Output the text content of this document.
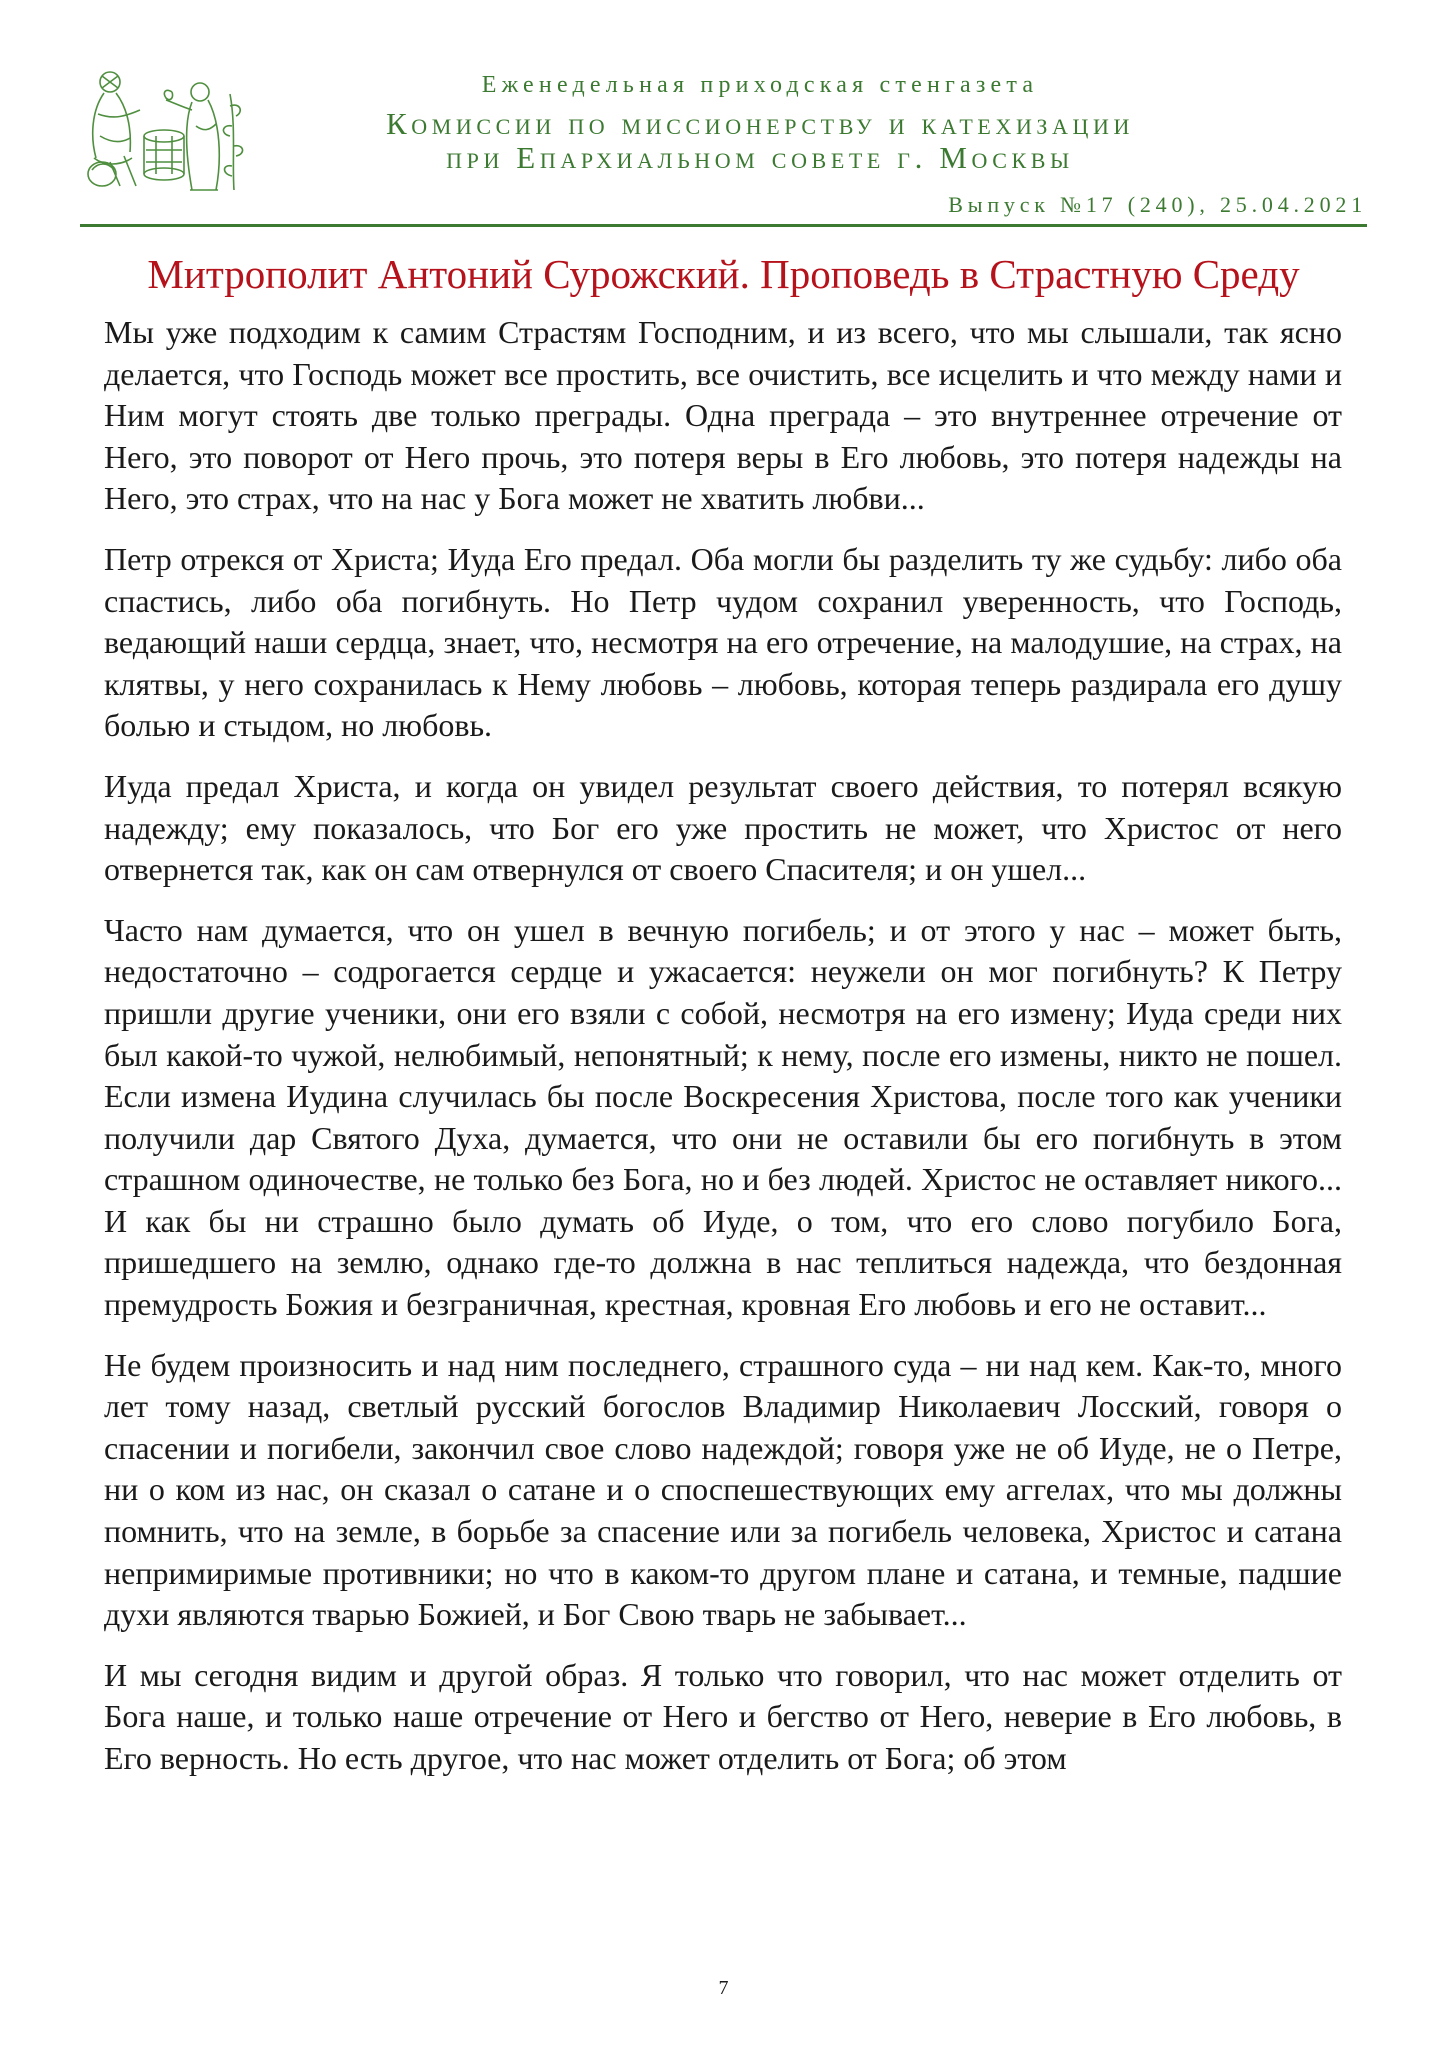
Еженедельная приходская стенгазета
Комиссии по миссионерству и катехизации
при Епархиальном совете г. Москвы
Выпуск №17 (240), 25.04.2021
Митрополит Антоний Сурожский. Проповедь в Страстную Среду

Мы уже подходим к самим Страстям Господним, и из всего, что мы слышали, так ясно делается, что Господь может все простить, все очистить, все исцелить и что между нами и Ним могут стоять две только преграды. Одна преграда – это внутреннее отречение от Него, это поворот от Него прочь, это потеря веры в Его любовь, это потеря надежды на Него, это страх, что на нас у Бога может не хватить любви...

Петр отрекся от Христа; Иуда Его предал. Оба могли бы разделить ту же судьбу: либо оба спастись, либо оба погибнуть. Но Петр чудом сохранил уверенность, что Господь, ведающий наши сердца, знает, что, несмотря на его отречение, на малодушие, на страх, на клятвы, у него сохранилась к Нему любовь – любовь, которая теперь раздирала его душу болью и стыдом, но любовь.

Иуда предал Христа, и когда он увидел результат своего действия, то потерял всякую надежду; ему показалось, что Бог его уже простить не может, что Христос от него отвернется так, как он сам отвернулся от своего Спасителя; и он ушел...

Часто нам думается, что он ушел в вечную погибель; и от этого у нас – может быть, недостаточно – содрогается сердце и ужасается: неужели он мог погибнуть? К Петру пришли другие ученики, они его взяли с собой, несмотря на его измену; Иуда среди них был какой-то чужой, нелюбимый, непонятный; к нему, после его измены, никто не пошел. Если измена Иудина случилась бы после Воскресения Христова, после того как ученики получили дар Святого Духа, думается, что они не оставили бы его погибнуть в этом страшном одиночестве, не только без Бога, но и без людей. Христос не оставляет никого... И как бы ни страшно было думать об Иуде, о том, что его слово погубило Бога, пришедшего на землю, однако где-то должна в нас теплиться надежда, что бездонная премудрость Божия и безграничная, крестная, кровная Его любовь и его не оставит...

Не будем произносить и над ним последнего, страшного суда – ни над кем. Как-то, много лет тому назад, светлый русский богослов Владимир Николаевич Лосский, говоря о спасении и погибели, закончил свое слово надеждой; говоря уже не об Иуде, не о Петре, ни о ком из нас, он сказал о сатане и о споспешествующих ему аггелах, что мы должны помнить, что на земле, в борьбе за спасение или за погибель человека, Христос и сатана непримиримые противники; но что в каком-то другом плане и сатана, и темные, падшие духи являются тварью Божией, и Бог Свою тварь не забывает...

И мы сегодня видим и другой образ. Я только что говорил, что нас может отделить от Бога наше, и только наше отречение от Него и бегство от Него, неверие в Его любовь, в Его верность. Но есть другое, что нас может отделить от Бога; об этом

7
